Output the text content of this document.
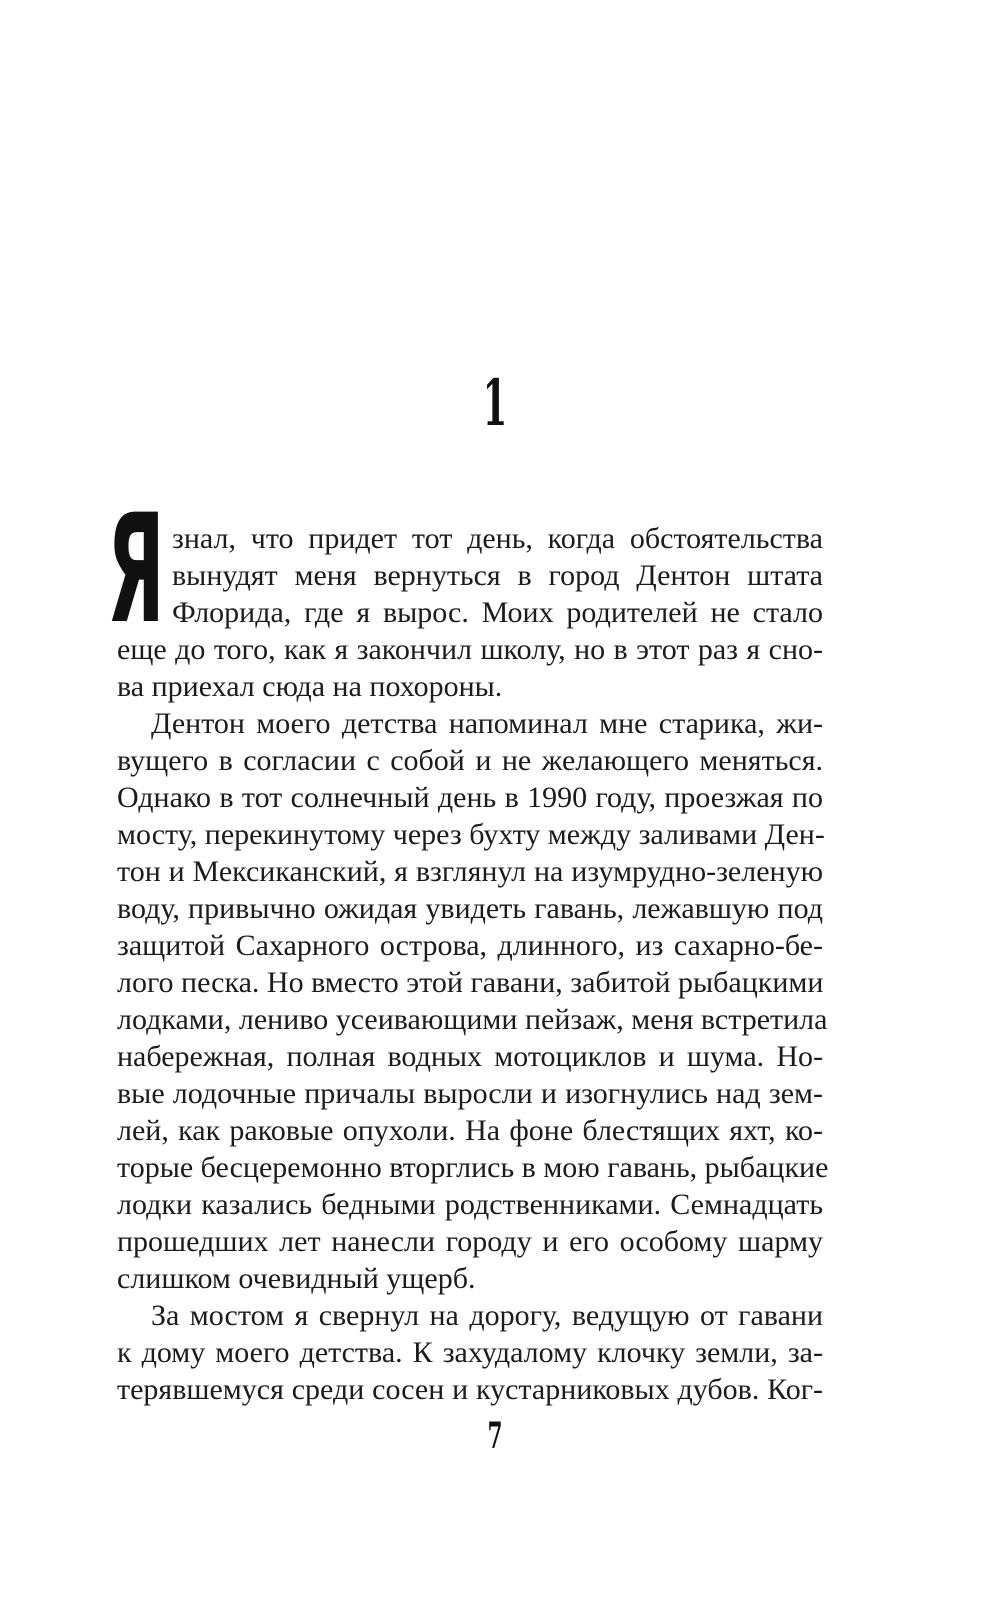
1
Я знал, что придет тот день, когда обстоятельства
вынудят меня вернуться в город Дентон штата
Флорида, где я вырос. Моих родителей не стало
еще до того, как я закончил школу, но в этот раз я сно-
ва приехал сюда на похороны.
Дентон моего детства напоминал мне старика, жи-
вущего в согласии с собой и не желающего меняться.
Однако в тот солнечный день в 1990 году, проезжая по
мосту, перекинутому через бухту между заливами Ден-
тон и Мексиканский, я взглянул на изумрудно-зеленую
воду, привычно ожидая увидеть гавань, лежавшую под
защитой Сахарного острова, длинного, из сахарно-бе-
лого песка. Но вместо этой гавани, забитой рыбацкими
лодками, лениво усеивающими пейзаж, меня встретила
набережная, полная водных мотоциклов и шума. Но-
вые лодочные причалы выросли и изогнулись над зем-
лей, как раковые опухоли. На фоне блестящих яхт, ко-
торые бесцеремонно вторглись в мою гавань, рыбацкие
лодки казались бедными родственниками. Семнадцать
прошедших лет нанесли городу и его особому шарму
слишком очевидный ущерб.
За мостом я свернул на дорогу, ведущую от гавани
к дому моего детства. К захудалому клочку земли, за-
терявшемуся среди сосен и кустарниковых дубов. Ког-
7
